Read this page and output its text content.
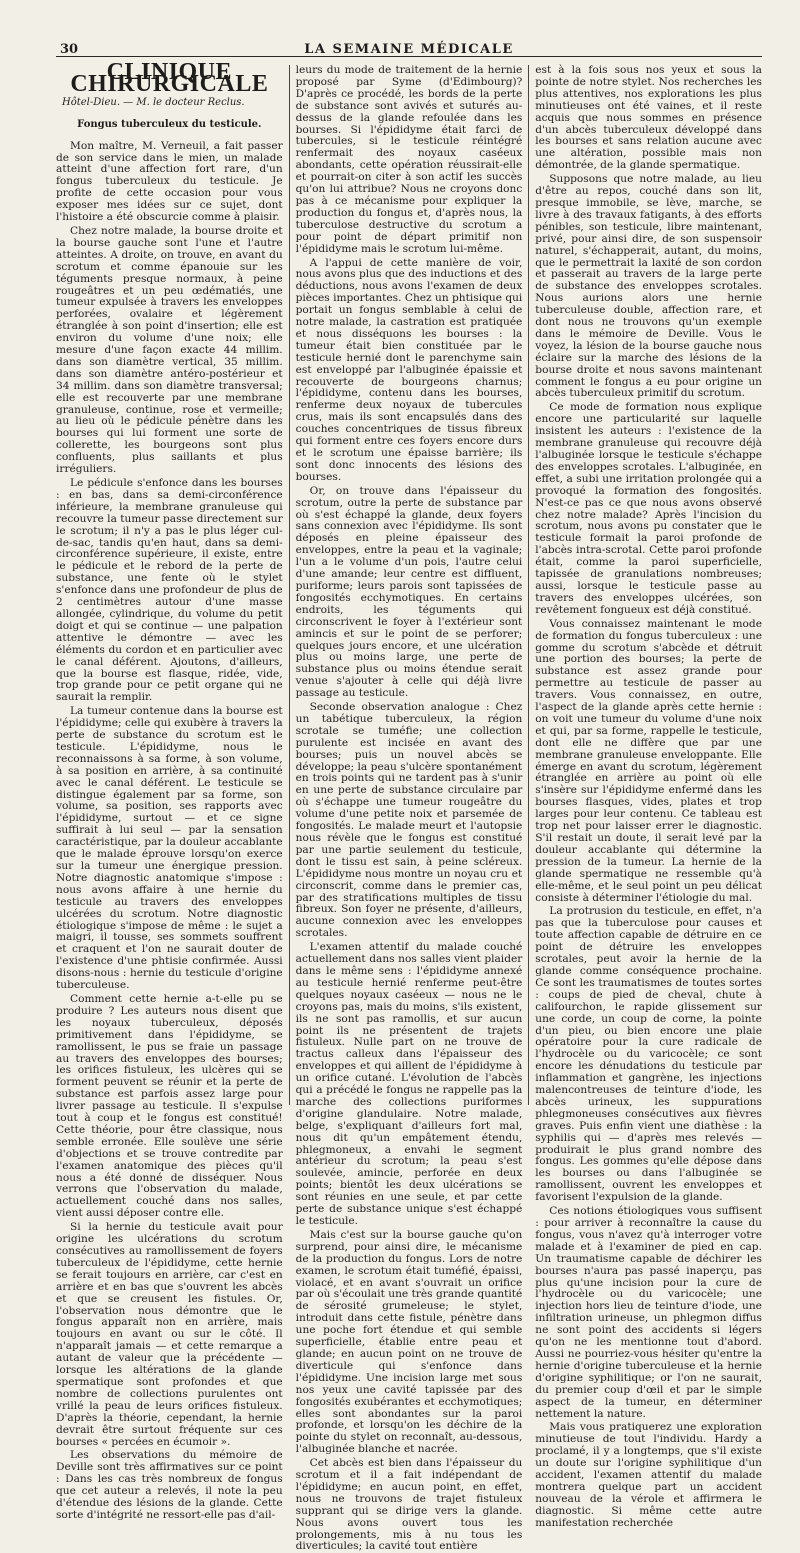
30	LA SEMAINE MÉDICALE
CLINIQUE CHIRURGICALE
Hôtel-Dieu. — M. le docteur Reclus.
Fongus tuberculeux du testicule.

Mon maître, M. Verneuil, a fait passer de son service dans le mien, un malade atteint d'une affection fort rare, d'un fongus tuberculeux du testicule. Je profite de cette occasion pour vous exposer mes idées sur ce sujet, dont l'histoire a été obscurcie comme à plaisir.

Chez notre malade, la bourse droite et la bourse gauche sont l'une et l'autre atteintes. A droite, on trouve, en avant du scrotum et comme épanouie sur les téguments presque normaux, à peine rougeâtres et un peu œdématiés, une tumeur expulsée à travers les enveloppes perforées, ovalaire et légèrement étranglée à son point d'insertion; elle est environ du volume d'une noix; elle mesure d'une façon exacte 44 millim. dans son diamètre vertical, 35 millim. dans son diamètre antéro-postérieur et 34 millim. dans son diamètre transversal; elle est recouverte par une membrane granuleuse, continue, rose et vermeille; au lieu où le pédicule pénètre dans les bourses qui lui forment une sorte de collerette, les bourgeons sont plus confluents, plus saillants et plus irréguliers.

Le pédicule s'enfonce dans les bourses : en bas, dans sa demi-circonférence inférieure, la membrane granuleuse qui recouvre la tumeur passe directement sur le scrotum; il n'y a pas le plus léger cul-de-sac, tandis qu'en haut, dans sa demi-circonférence supérieure, il existe, entre le pédicule et le rebord de la perte de substance, une fente où le stylet s'enfonce dans une profondeur de plus de 2 centimètres autour d'une masse allongée, cylindrique, du volume du petit doigt et qui se continue — une palpation attentive le démontre — avec les éléments du cordon et en particulier avec le canal déférent. Ajoutons, d'ailleurs, que la bourse est flasque, ridée, vide, trop grande pour ce petit organe qui ne saurait la remplir.

La tumeur contenue dans la bourse est l'épididyme; celle qui exubère à travers la perte de substance du scrotum est le testicule. L'épididyme, nous le reconnaissons à sa forme, à son volume, à sa position en arrière, à sa continuité avec le canal déférent. Le testicule se distingue également par sa forme, son volume, sa position, ses rapports avec l'épididyme, surtout — et ce signe suffirait à lui seul — par la sensation caractéristique, par la douleur accablante que le malade éprouve lorsqu'on exerce sur la tumeur une énergique pression. Notre diagnostic anatomique s'impose : nous avons affaire à une hernie du testicule au travers des enveloppes ulcérées du scrotum. Notre diagnostic étiologique s'impose de même : le sujet a maigri, il tousse, ses sommets souffrent et craquent et l'on ne saurait douter de l'existence d'une phtisie confirmée. Aussi disons-nous : hernie du testicule d'origine tuberculeuse.

Comment cette hernie a-t-elle pu se produire ? Les auteurs nous disent que les noyaux tuberculeux, déposés primitivement dans l'épididyme, se ramollissent, le pus se fraie un passage au travers des enveloppes des bourses; les orifices fistuleux, les ulcères qui se forment peuvent se réunir et la perte de substance est parfois assez large pour livrer passage au testicule. Il s'expulse tout à coup et le fongus est constitué! Cette théorie, pour être classique, nous semble erronée. Elle soulève une série d'objections et se trouve contredite par l'examen anatomique des pièces qu'il nous a été donné de disséquer. Nous verrons que l'observation du malade, actuellement couché dans nos salles, vient aussi déposer contre elle.

Si la hernie du testicule avait pour origine les ulcérations du scrotum consécutives au ramollissement de foyers tuberculeux de l'épididyme, cette hernie se ferait toujours en arrière, car c'est en arrière et en bas que s'ouvrent les abcès et que se creusent les fistules. Or, l'observation nous démontre que le fongus apparaît non en arrière, mais toujours en avant ou sur le côté. Il n'apparaît jamais — et cette remarque a autant de valeur que la précédente — lorsque les altérations de la glande spermatique sont profondes et que nombre de collections purulentes ont vrillé la peau de leurs orifices fistuleux. D'après la théorie, cependant, la hernie devrait être surtout fréquente sur ces bourses « percées en écumoir ».

Les observations du mémoire de Deville sont très affirmatives sur ce point : Dans les cas très nombreux de fongus que cet auteur a relevés, il note la peu d'étendue des lésions de la glande. Cette sorte d'intégrité ne ressort-elle pas d'ail-

leurs du mode de traitement de la hernie proposé par Syme (d'Edimbourg)? D'après ce procédé, les bords de la perte de substance sont avivés et suturés au-dessus de la glande refoulée dans les bourses. Si l'épididyme était farci de tubercules, si le testicule réintégré renfermait des noyaux caséeux abondants, cette opération réussirait-elle et pourrait-on citer à son actif les succès qu'on lui attribue? Nous ne croyons donc pas à ce mécanisme pour expliquer la production du fongus et, d'après nous, la tuberculose destructive du scrotum a pour point de départ primitif non l'épididyme mais le scrotum lui-même.

A l'appui de cette manière de voir, nous avons plus que des inductions et des déductions, nous avons l'examen de deux pièces importantes. Chez un phtisique qui portait un fongus semblable à celui de notre malade, la castration est pratiquée et nous disséquons les bourses : la tumeur était bien constituée par le testicule hernié dont le parenchyme sain est enveloppé par l'albuginée épaissie et recouverte de bourgeons charnus; l'épididyme, contenu dans les bourses, renferme deux noyaux de tubercules crus, mais ils sont encapsulés dans des couches concentriques de tissus fibreux qui forment entre ces foyers encore durs et le scrotum une épaisse barrière; ils sont donc innocents des lésions des bourses.

Or, on trouve dans l'épaisseur du scrotum, outre la perte de substance par où s'est échappé la glande, deux foyers sans connexion avec l'épididyme. Ils sont déposés en pleine épaisseur des enveloppes, entre la peau et la vaginale; l'un a le volume d'un pois, l'autre celui d'une amande; leur centre est diffluent, puriforme; leurs parois sont tapissées de fongosités ecchymotiques. En certains endroits, les téguments qui circonscrivent le foyer à l'extérieur sont amincis et sur le point de se perforer; quelques jours encore, et une ulcération plus ou moins large, une perte de substance plus ou moins étendue serait venue s'ajouter à celle qui déjà livre passage au testicule.

Seconde observation analogue : Chez un tabétique tuberculeux, la région scrotale se tuméfie; une collection purulente est incisée en avant des bourses; puis un nouvel abcès se développe; la peau s'ulcère spontanément en trois points qui ne tardent pas à s'unir en une perte de substance circulaire par où s'échappe une tumeur rougeâtre du volume d'une petite noix et parsemée de fongosités. Le malade meurt et l'autopsie nous révèle que le fongus est constitué par une partie seulement du testicule, dont le tissu est sain, à peine scléreux. L'épididyme nous montre un noyau cru et circonscrit, comme dans le premier cas, par des stratifications multiples de tissu fibreux. Son foyer ne présente, d'ailleurs, aucune connexion avec les enveloppes scrotales.

L'examen attentif du malade couché actuellement dans nos salles vient plaider dans le même sens : l'épididyme annexé au testicule hernié renferme peut-être quelques noyaux caséeux — nous ne le croyons pas, mais du moins, s'ils existent, ils ne sont pas ramollis, et sur aucun point ils ne présentent de trajets fistuleux. Nulle part on ne trouve de tractus calleux dans l'épaisseur des enveloppes et qui aillent de l'épididyme à un orifice cutané. L'évolution de l'abcès qui a précédé le fongus ne rappelle pas la marche des collections puriformes d'origine glandulaire. Notre malade, belge, s'expliquant d'ailleurs fort mal, nous dit qu'un empâtement étendu, phlegmoneux, a envahi le segment antérieur du scrotum; la peau s'est soulevée, amincie, perforée en deux points; bientôt les deux ulcérations se sont réunies en une seule, et par cette perte de substance unique s'est échappé le testicule.

Mais c'est sur la bourse gauche qu'on surprend, pour ainsi dire, le mécanisme de la production du fongus. Lors de notre examen, le scrotum était tuméfié, épaissi, violacé, et en avant s'ouvrait un orifice par où s'écoulait une très grande quantité de sérosité grumeleuse; le stylet, introduit dans cette fistule, pénètre dans une poche fort étendue et qui semble superficielle, établie entre peau et glande; en aucun point on ne trouve de diverticule qui s'enfonce dans l'épididyme. Une incision large met sous nos yeux une cavité tapissée par des fongosités exubérantes et ecchymotiques; elles sont abondantes sur la paroi profonde, et lorsqu'on les déchire de la pointe du stylet on reconnaît, au-dessous, l'albuginée blanche et nacrée.

Cet abcès est bien dans l'épaisseur du scrotum et il a fait indépendant de l'épididyme; en aucun point, en effet, nous ne trouvons de trajet fistuleux supprant qui se dirige vers la glande. Nous avons ouvert tous les prolongements, mis à nu tous les diverticules; la cavité tout entière

est à la fois sous nos yeux et sous la pointe de notre stylet. Nos recherches les plus attentives, nos explorations les plus minutieuses ont été vaines, et il reste acquis que nous sommes en présence d'un abcès tuberculeux développé dans les bourses et sans relation aucune avec une altération, possible mais non démontrée, de la glande spermatique.

Supposons que notre malade, au lieu d'être au repos, couché dans son lit, presque immobile, se lève, marche, se livre à des travaux fatigants, à des efforts pénibles, son testicule, libre maintenant, privé, pour ainsi dire, de son suspensoir naturel, s'échapperait, autant, du moins, que le permettrait la laxité de son cordon et passerait au travers de la large perte de substance des enveloppes scrotales. Nous aurions alors une hernie tuberculeuse double, affection rare, et dont nous ne trouvons qu'un exemple dans le mémoire de Deville. Vous le voyez, la lésion de la bourse gauche nous éclaire sur la marche des lésions de la bourse droite et nous savons maintenant comment le fongus a eu pour origine un abcès tuberculeux primitif du scrotum.

Ce mode de formation nous explique encore une particularité sur laquelle insistent les auteurs : l'existence de la membrane granuleuse qui recouvre déjà l'albuginée lorsque le testicule s'échappe des enveloppes scrotales. L'albuginée, en effet, a subi une irritation prolongée qui a provoqué la formation des fongosités. N'est-ce pas ce que nous avons observé chez notre malade? Après l'incision du scrotum, nous avons pu constater que le testicule formait la paroi profonde de l'abcès intra-scrotal. Cette paroi profonde était, comme la paroi superficielle, tapissée de granulations nombreuses; aussi, lorsque le testicule passe au travers des enveloppes ulcérées, son revêtement fongueux est déjà constitué.

Vous connaissez maintenant le mode de formation du fongus tuberculeux : une gomme du scrotum s'abcède et détruit une portion des bourses; la perte de substance est assez grande pour permettre au testicule de passer au travers. Vous connaissez, en outre, l'aspect de la glande après cette hernie : on voit une tumeur du volume d'une noix et qui, par sa forme, rappelle le testicule, dont elle ne diffère que par une membrane granuleuse enveloppante. Elle émerge en avant du scrotum, légèrement étranglée en arrière au point où elle s'insère sur l'épididyme enfermé dans les bourses flasques, vides, plates et trop larges pour leur contenu. Ce tableau est trop net pour laisser errer le diagnostic. S'il restait un doute, il serait levé par la douleur accablante qui détermine la pression de la tumeur. La hernie de la glande spermatique ne ressemble qu'à elle-même, et le seul point un peu délicat consiste à déterminer l'étiologie du mal.

La protrusion du testicule, en effet, n'a pas que la tuberculose pour causes et toute affection capable de détruire en ce point de détruire les enveloppes scrotales, peut avoir la hernie de la glande comme conséquence prochaine. Ce sont les traumatismes de toutes sortes : coups de pied de cheval, chute à califourchon, le rapide glissement sur une corde, un coup de corne, la pointe d'un pieu, ou bien encore une plaie opératoire pour la cure radicale de l'hydrocèle ou du varicocèle; ce sont encore les dénudations du testicule par inflammation et gangrène, les injections malencontreuses de teinture d'iode, les abcès urineux, les suppurations phlegmoneuses consécutives aux fièvres graves. Puis enfin vient une diathèse : la syphilis qui — d'après mes relevés — produirait le plus grand nombre des fongus. Les gommes qu'elle dépose dans les bourses ou dans l'albuginée se ramollissent, ouvrent les enveloppes et favorisent l'expulsion de la glande.

Ces notions étiologiques vous suffisent : pour arriver à reconnaître la cause du fongus, vous n'avez qu'à interroger votre malade et à l'examiner de pied en cap. Un traumatisme capable de déchirer les bourses n'aura pas passé inaperçu, pas plus qu'une incision pour la cure de l'hydrocèle ou du varicocèle; une injection hors lieu de teinture d'iode, une infiltration urineuse, un phlegmon diffus ne sont point des accidents si légers qu'on ne les mentionne tout d'abord. Aussi ne pourriez-vous hésiter qu'entre la hernie d'origine tuberculeuse et la hernie d'origine syphilitique; or l'on ne saurait, du premier coup d'œil et par le simple aspect de la tumeur, en déterminer nettement la nature.

Mais vous pratiquerez une exploration minutieuse de tout l'individu. Hardy a proclamé, il y a longtemps, que s'il existe un doute sur l'origine syphilitique d'un accident, l'examen attentif du malade montrera quelque part un accident nouveau de la vérole et affirmera le diagnostic. Si même cette autre manifestation recherchée
